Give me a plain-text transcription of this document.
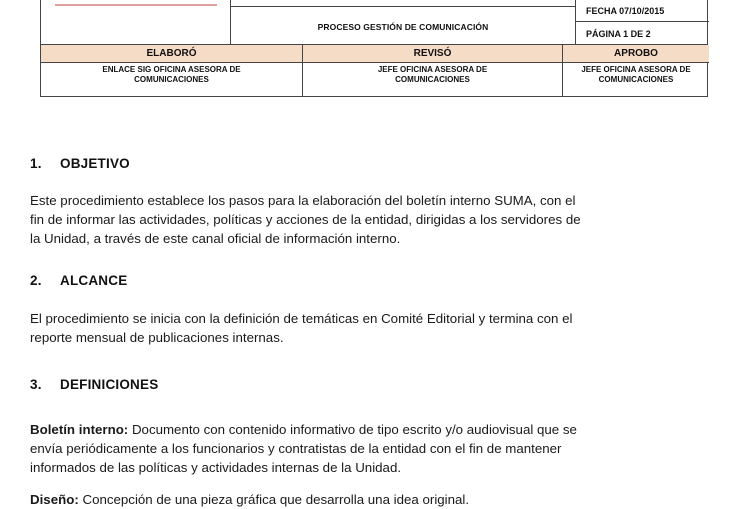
PROCESO GESTIÓN DE COMUNICACIÓN
FECHA 07/10/2015
PÁGINA 1 DE 2
ELABORÓ
ENLACE SIG OFICINA ASESORA DE
COMUNICACIONES
REVISÓ
JEFE OFICINA ASESORA DE
COMUNICACIONES
APROBO
JEFE OFICINA ASESORA DE
COMUNICACIONES
1. OBJETIVO

Este procedimiento establece los pasos para la elaboración del boletín interno SUMA, con el

fin de informar las actividades, políticas y acciones de la entidad, dirigidas a los servidores de

la Unidad, a través de este canal oficial de información interno.

2. ALCANCE

El procedimiento se inicia con la definición de temáticas en Comité Editorial y termina con el

reporte mensual de publicaciones internas.

3. DEFINICIONES
Boletín interno: Documento con contenido informativo de tipo escrito y/o audiovisual que se
envía periódicamente a los funcionarios y contratistas de la entidad con el fin de mantener
informados de las políticas y actividades internas de la Unidad.
Diseño: Concepción de una pieza gráfica que desarrolla una idea original.
